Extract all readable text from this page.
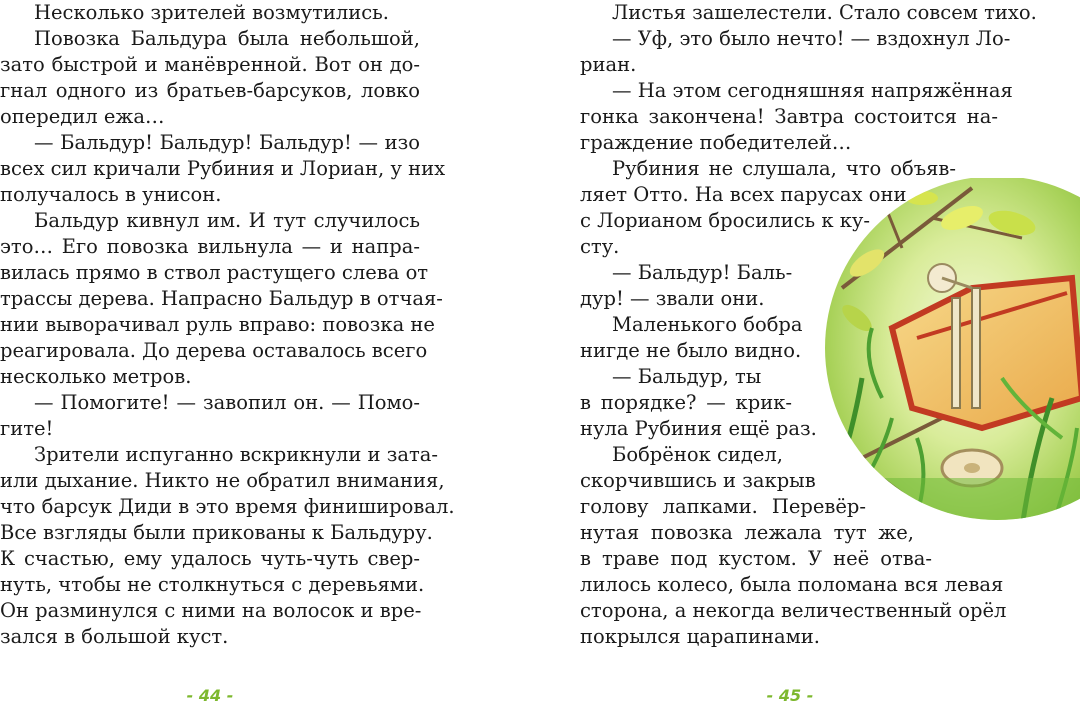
Несколько зрителей возмутились.
Повозка Бальдура была небольшой,
зато быстрой и манёвренной. Вот он до-
гнал одного из братьев-барсуков, ловко
опередил ежа…
— Бальдур! Бальдур! Бальдур! — изо
всех сил кричали Рубиния и Лориан, у них
получалось в унисон.
Бальдур кивнул им. И тут случилось
это… Его повозка вильнула — и напра-
вилась прямо в ствол растущего слева от
трассы дерева. Напрасно Бальдур в отчая-
нии выворачивал руль вправо: повозка не
реагировала. До дерева оставалось всего
несколько метров.
— Помогите! — завопил он. — Помо-
гите!
Зрители испуганно вскрикнули и зата-
или дыхание. Никто не обратил внимания,
что барсук Диди в это время финишировал.
Все взгляды были прикованы к Бальдуру.
К счастью, ему удалось чуть-чуть свер-
нуть, чтобы не столкнуться с деревьями.
Он разминулся с ними на волосок и вре-
зался в большой куст.
- 44 -
Листья зашелестели. Стало совсем тихо.
— Уф, это было нечто! — вздохнул Ло-
риан.
— На этом сегодняшняя напряжённая
гонка закончена! Завтра состоится на-
граждение победителей…
Рубиния не слушала, что объяв-
ляет Отто. На всех парусах они
с Лорианом бросились к ку-
сту.
— Бальдур! Баль-
дур! — звали они.
Маленького бобра
нигде не было видно.
— Бальдур, ты
в порядке? — крик-
нула Рубиния ещё раз.
Бобрёнок сидел,
скорчившись и закрыв
голову лапками. Перевёр-
нутая повозка лежала тут же,
в траве под кустом. У неё отва-
лилось колесо, была поломана вся левая
сторона, а некогда величественный орёл
покрылся царапинами.
- 45 -
